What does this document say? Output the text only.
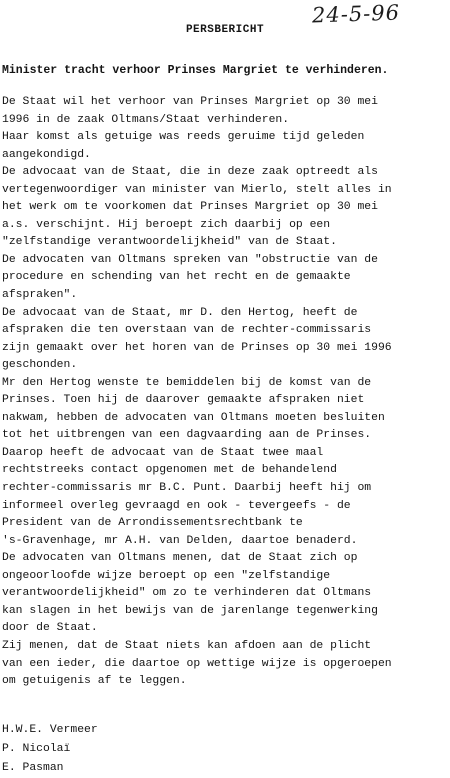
24-5-96
PERSBERICHT
Minister tracht verhoor Prinses Margriet te verhinderen.
De Staat wil het verhoor van Prinses Margriet op 30 mei
1996 in de zaak Oltmans/Staat verhinderen.
Haar komst als getuige was reeds geruime tijd geleden
aangekondigd.
De advocaat van de Staat, die in deze zaak optreedt als
vertegenwoordiger van minister van Mierlo, stelt alles in
het werk om te voorkomen dat Prinses Margriet op 30 mei
a.s. verschijnt. Hij beroept zich daarbij op een
"zelfstandige verantwoordelijkheid" van de Staat.
De advocaten van Oltmans spreken van "obstructie van de
procedure en schending van het recht en de gemaakte
afspraken".
De advocaat van de Staat, mr D. den Hertog, heeft de
afspraken die ten overstaan van de rechter-commissaris
zijn gemaakt over het horen van de Prinses op 30 mei 1996
geschonden.
Mr den Hertog wenste te bemiddelen bij de komst van de
Prinses. Toen hij de daarover gemaakte afspraken niet
nakwam, hebben de advocaten van Oltmans moeten besluiten
tot het uitbrengen van een dagvaarding aan de Prinses.
Daarop heeft de advocaat van de Staat twee maal
rechtstreeks contact opgenomen met de behandelend
rechter-commissaris mr B.C. Punt. Daarbij heeft hij om
informeel overleg gevraagd en ook - tevergeefs - de
President van de Arrondissementsrechtbank te
's-Gravenhage, mr A.H. van Delden, daartoe benaderd.
De advocaten van Oltmans menen, dat de Staat zich op
ongeoorloofde wijze beroept op een "zelfstandige
verantwoordelijkheid" om zo te verhinderen dat Oltmans
kan slagen in het bewijs van de jarenlange tegenwerking
door de Staat.
Zij menen, dat de Staat niets kan afdoen aan de plicht
van een ieder, die daartoe op wettige wijze is opgeroepen
om getuigenis af te leggen.
H.W.E. Vermeer
P. Nicolaï
E. Pasman
